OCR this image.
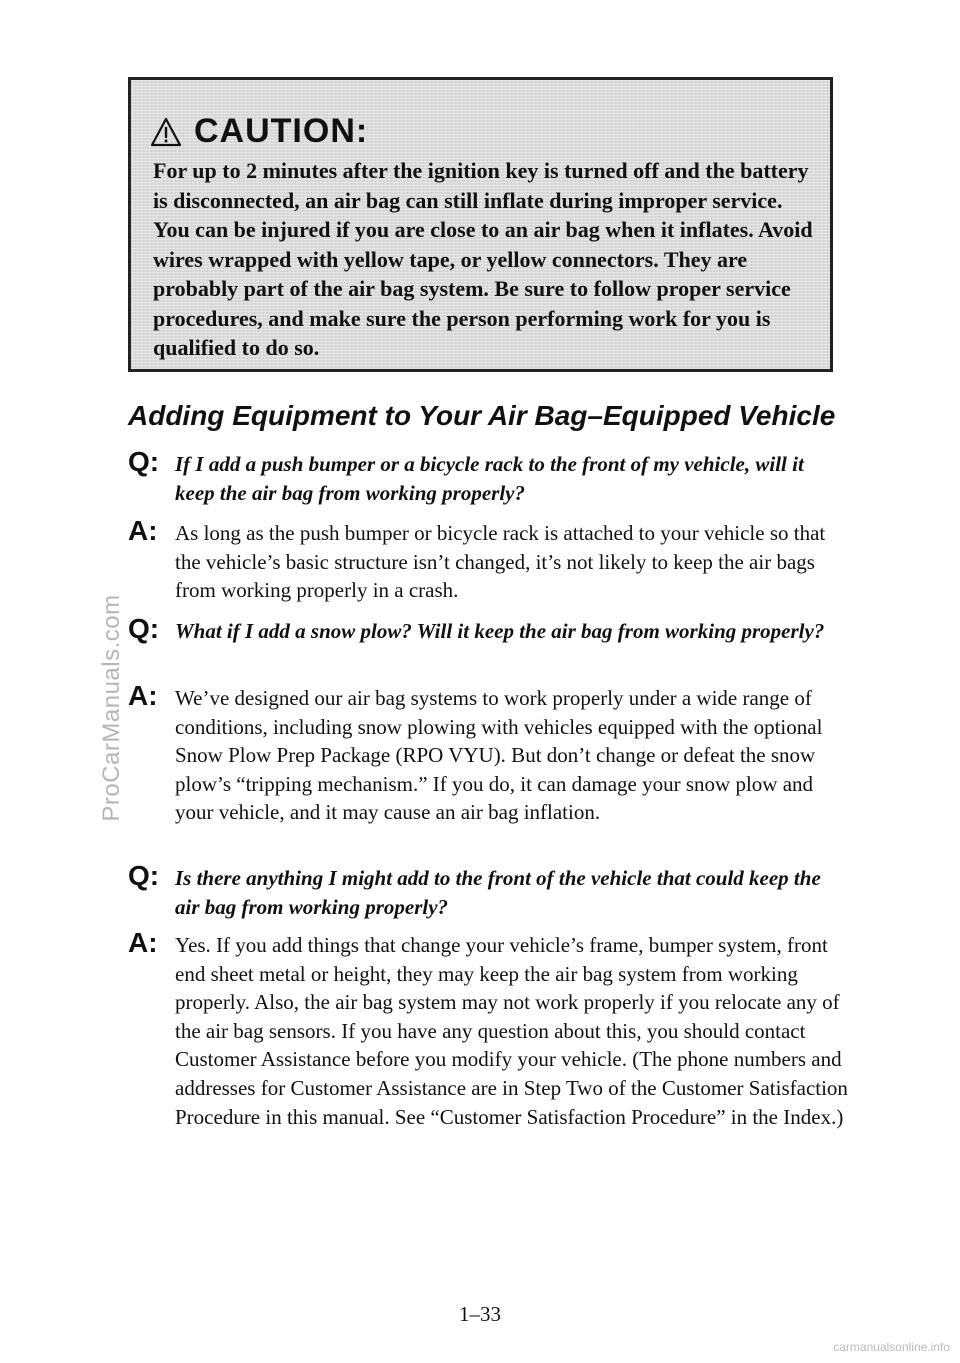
ProCarManuals.com
CAUTION:
For up to 2 minutes after the ignition key is turned off and the battery is disconnected, an air bag can still inflate during improper service. You can be injured if you are close to an air bag when it inflates. Avoid wires wrapped with yellow tape, or yellow connectors. They are probably part of the air bag system. Be sure to follow proper service procedures, and make sure the person performing work for you is qualified to do so.
Adding Equipment to Your Air Bag–Equipped Vehicle
Q: If I add a push bumper or a bicycle rack to the front of my vehicle, will it keep the air bag from working properly?
A: As long as the push bumper or bicycle rack is attached to your vehicle so that the vehicle’s basic structure isn’t changed, it’s not likely to keep the air bags from working properly in a crash.
Q: What if I add a snow plow? Will it keep the air bag from working properly?
A: We’ve designed our air bag systems to work properly under a wide range of conditions, including snow plowing with vehicles equipped with the optional Snow Plow Prep Package (RPO VYU). But don’t change or defeat the snow plow’s “tripping mechanism.” If you do, it can damage your snow plow and your vehicle, and it may cause an air bag inflation.
Q: Is there anything I might add to the front of the vehicle that could keep the air bag from working properly?
A: Yes. If you add things that change your vehicle’s frame, bumper system, front end sheet metal or height, they may keep the air bag system from working properly. Also, the air bag system may not work properly if you relocate any of the air bag sensors. If you have any question about this, you should contact Customer Assistance before you modify your vehicle. (The phone numbers and addresses for Customer Assistance are in Step Two of the Customer Satisfaction Procedure in this manual. See “Customer Satisfaction Procedure” in the Index.)
1–33
carmanualsonline.info
